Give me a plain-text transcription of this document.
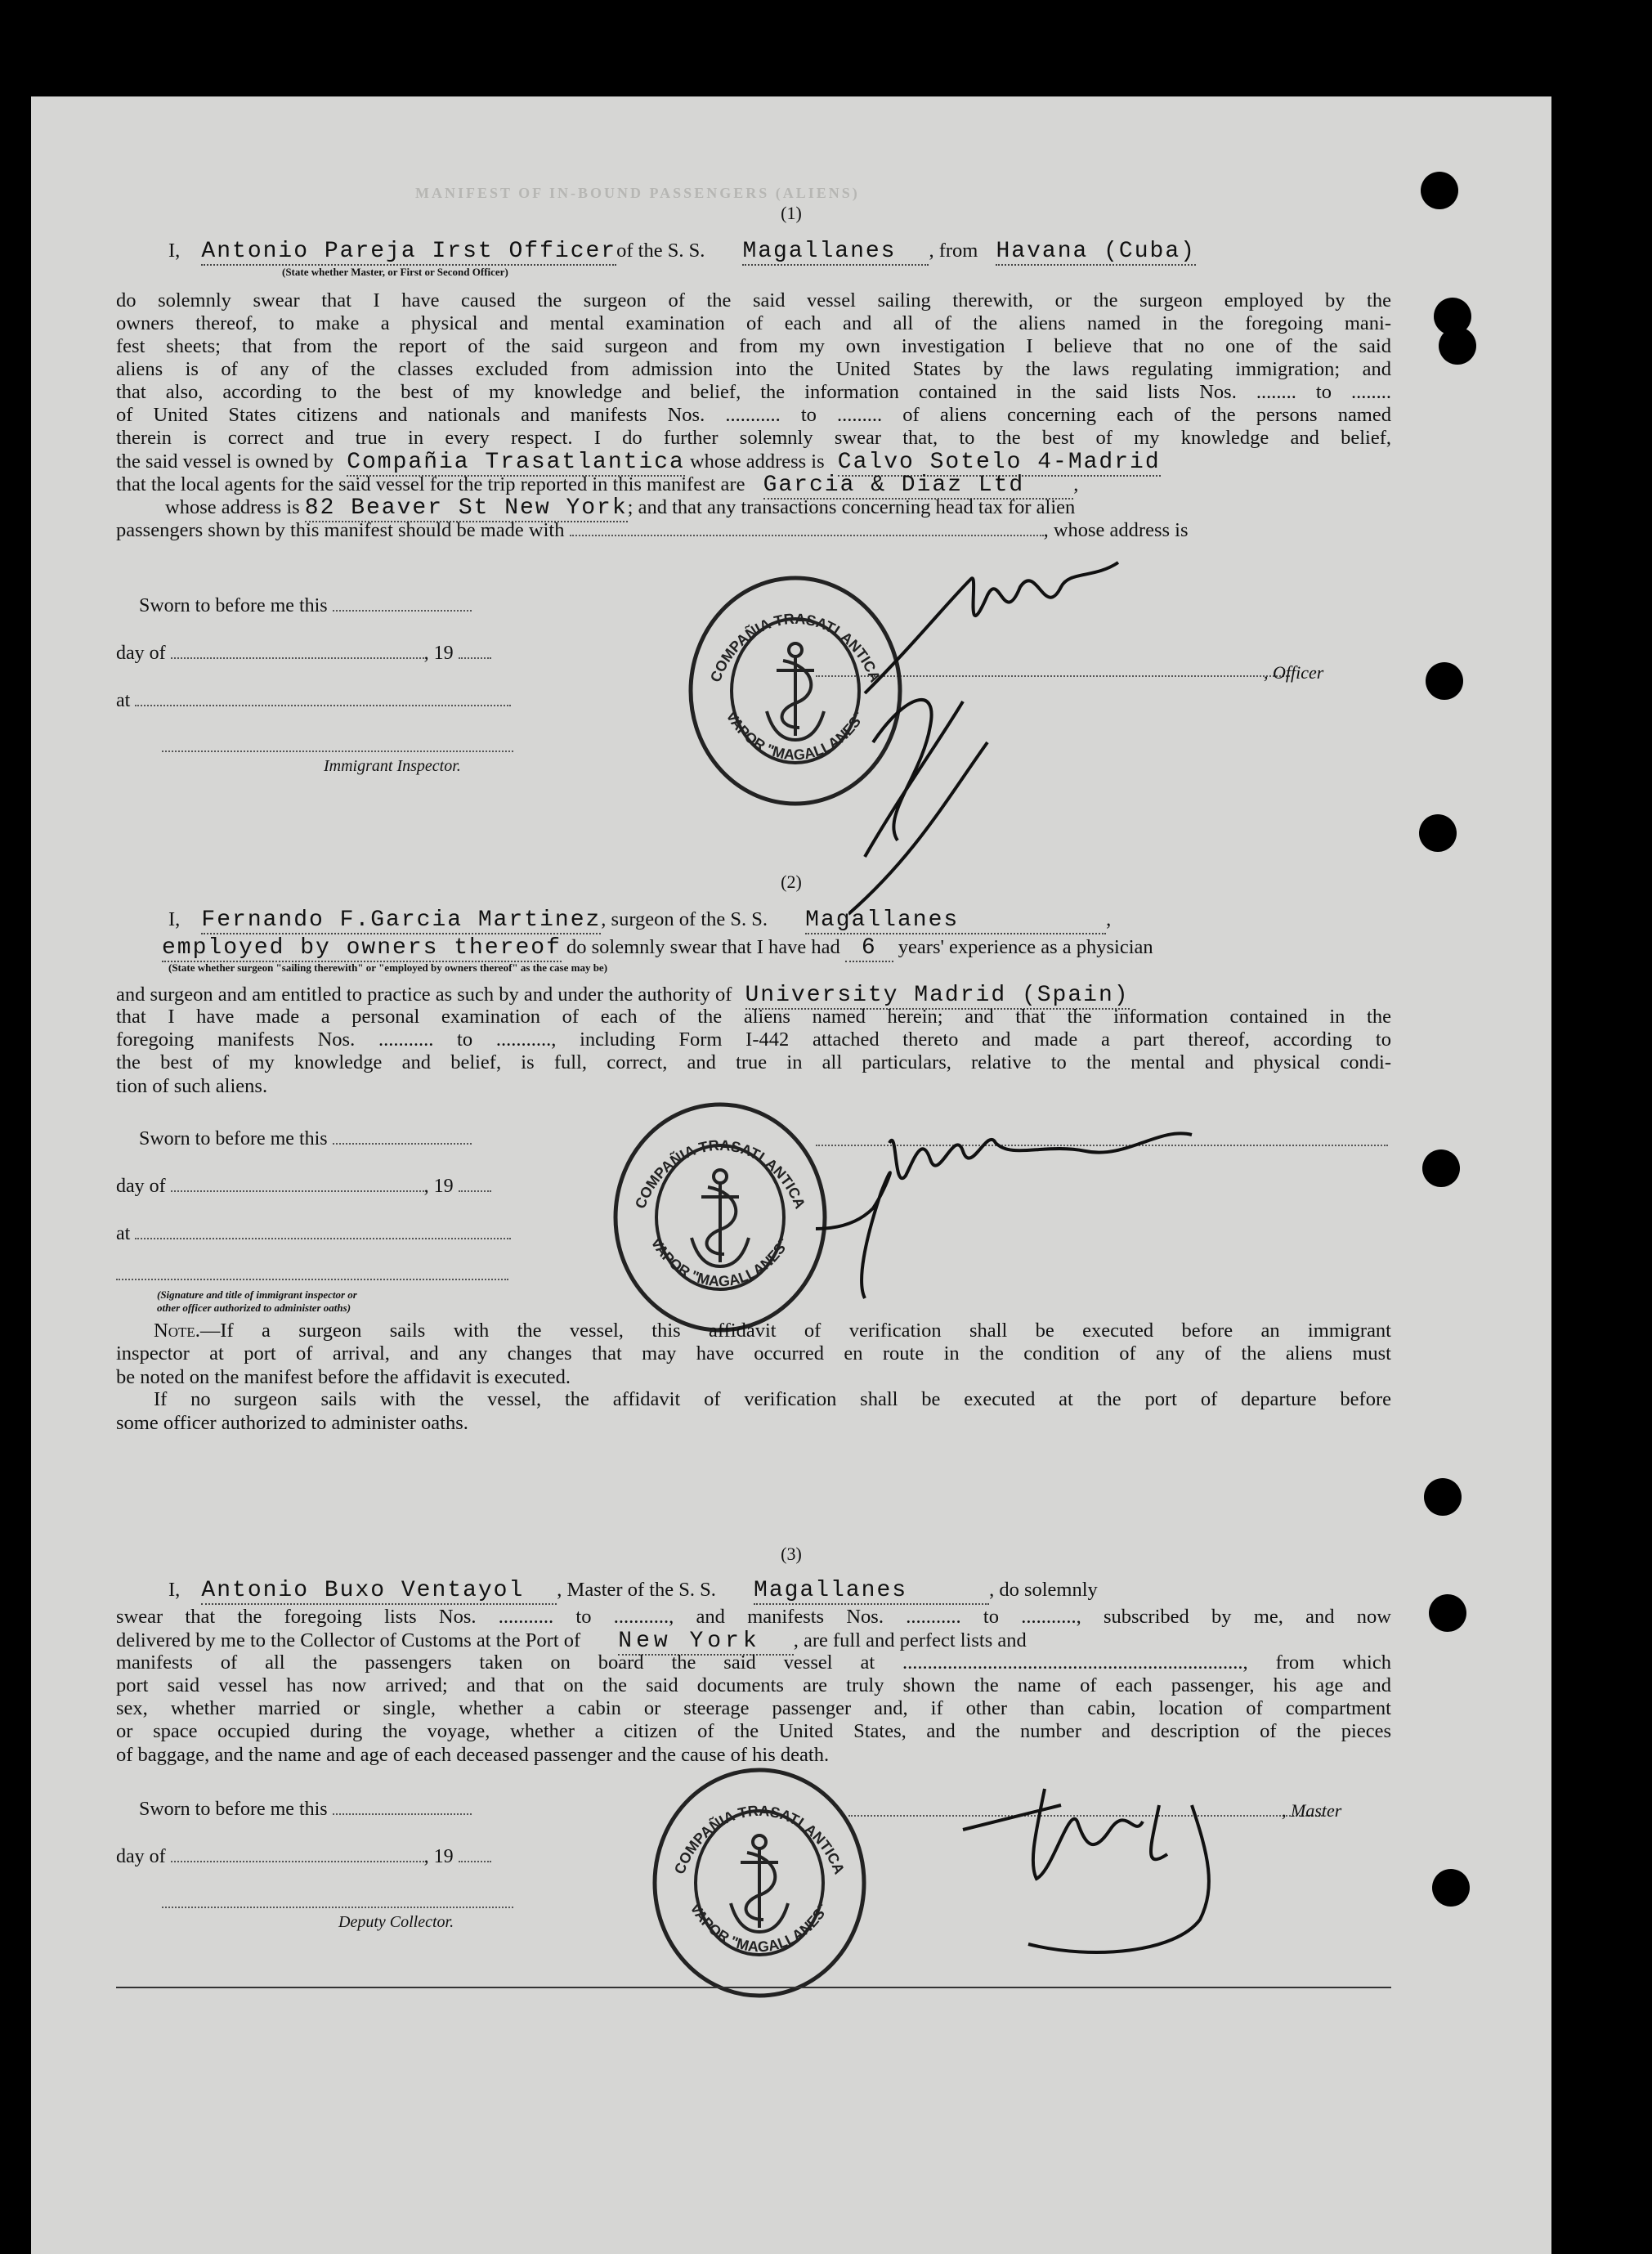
MANIFEST OF IN-BOUND PASSENGERS (ALIENS)
(1)
I, Antonio Pareja Irst Officerof the S. S. Magallanes , from Havana (Cuba)
(State whether Master, or First or Second Officer)
do solemnly swear that I have caused the surgeon of the said vessel sailing therewith, or the surgeon employed by the
owners thereof, to make a physical and mental examination of each and all of the aliens named in the foregoing mani-
fest sheets; that from the report of the said surgeon and from my own investigation I believe that no one of the said
aliens is of any of the classes excluded from admission into the United States by the laws regulating immigration; and
that also, according to the best of my knowledge and belief, the information contained in the said lists Nos. ........ to ........
of United States citizens and nationals and manifests Nos. ........... to ......... of aliens concerning each of the persons named
therein is correct and true in every respect. I do further solemnly swear that, to the best of my knowledge and belief,
the said vessel is owned by Compañia Trasatlantica whose address is Calvo Sotelo 4-Madrid
that the local agents for the said vessel for the trip reported in this manifest are Garcia & Diaz Ltd ,
whose address is 82 Beaver St New York; and that any transactions concerning head tax for alien
passengers shown by this manifest should be made with	, whose address is
Sworn to before me this
day of	, 19
at
Immigrant Inspector.
, Officer
COMPAÑIA TRASATLANTICA
VAPOR "MAGALLANES"
(2)
I, Fernando F.Garcia Martinez, surgeon of the S. S. Magallanes	,
employed by owners thereof do solemnly swear that I have had 6 years' experience as a physician
(State whether surgeon "sailing therewith" or "employed by owners thereof" as the case may be)
and surgeon and am entitled to practice as such by and under the authority of University Madrid (Spain)
that I have made a personal examination of each of the aliens named herein; and that the information contained in the
foregoing manifests Nos. ........... to ..........., including Form I-442 attached thereto and made a part thereof, according to
the best of my knowledge and belief, is full, correct, and true in all particulars, relative to the mental and physical condi-
tion of such aliens.
Sworn to before me this
day of	, 19
at
(Signature and title of immigrant inspector or
other officer authorized to administer oaths)
COMPAÑIA TRASATLANTICA
VAPOR "MAGALLANES"
Note.—If a surgeon sails with the vessel, this affidavit of verification shall be executed before an immigrant
inspector at port of arrival, and any changes that may have occurred en route in the condition of any of the aliens must
be noted on the manifest before the affidavit is executed.
If no surgeon sails with the vessel, the affidavit of verification shall be executed at the port of departure before
some officer authorized to administer oaths.
(3)
I, Antonio Buxo Ventayol , Master of the S. S. Magallanes	, do solemnly
swear that the foregoing lists Nos. ........... to ..........., and manifests Nos. ........... to ..........., subscribed by me, and now
delivered by me to the Collector of Customs at the Port of New York , are full and perfect lists and
manifests of all the passengers taken on board the said vessel at ...................................................................., from which
port said vessel has now arrived; and that on the said documents are truly shown the name of each passenger, his age and
sex, whether married or single, whether a cabin or steerage passenger and, if other than cabin, location of compartment
or space occupied during the voyage, whether a citizen of the United States, and the number and description of the pieces
of baggage, and the name and age of each deceased passenger and the cause of his death.
Sworn to before me this
day of	, 19
Deputy Collector.
, Master
COMPAÑIA TRASATLANTICA
VAPOR "MAGALLANES"
